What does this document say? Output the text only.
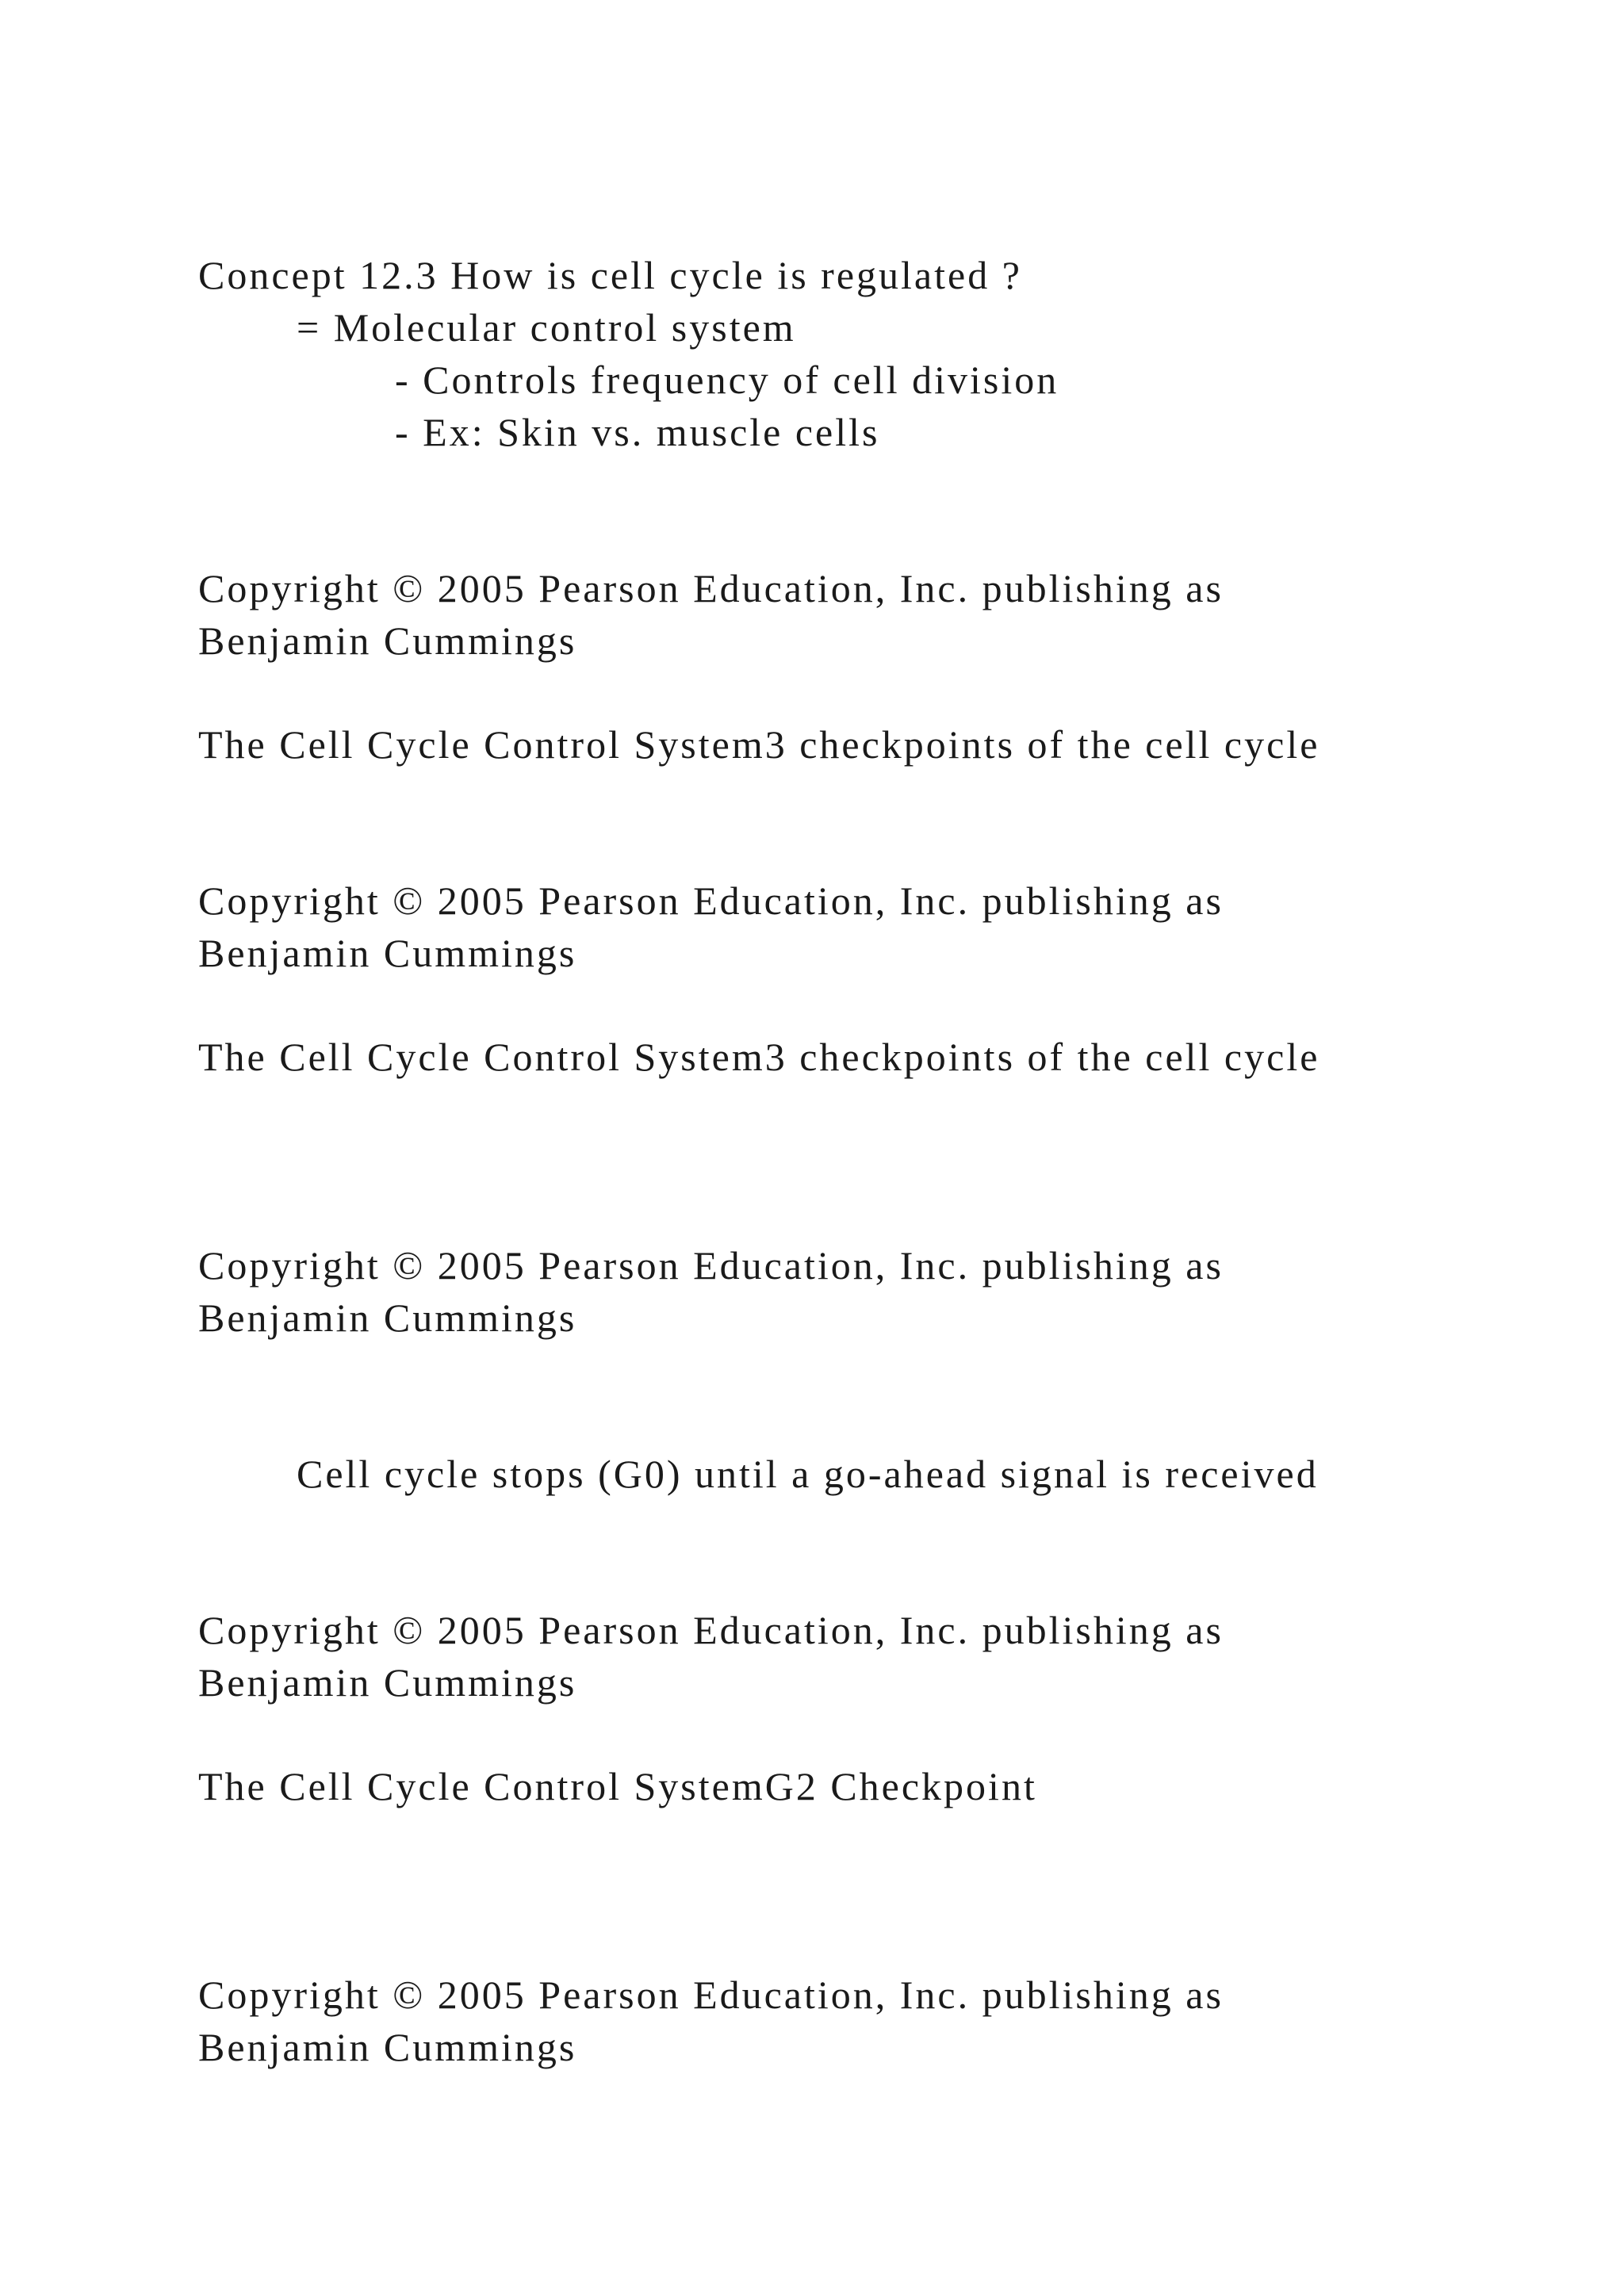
Concept 12.3 How is cell cycle is regulated ?
= Molecular control system
- Controls frequency of cell division
- Ex: Skin vs. muscle cells
Copyright © 2005 Pearson Education, Inc. publishing as
Benjamin Cummings
The Cell Cycle Control System3 checkpoints of the cell cycle
Copyright © 2005 Pearson Education, Inc. publishing as
Benjamin Cummings
The Cell Cycle Control System3 checkpoints of the cell cycle
Copyright © 2005 Pearson Education, Inc. publishing as
Benjamin Cummings
Cell cycle stops (G0) until a go-ahead signal is received
Copyright © 2005 Pearson Education, Inc. publishing as
Benjamin Cummings
The Cell Cycle Control SystemG2 Checkpoint
Copyright © 2005 Pearson Education, Inc. publishing as
Benjamin Cummings
